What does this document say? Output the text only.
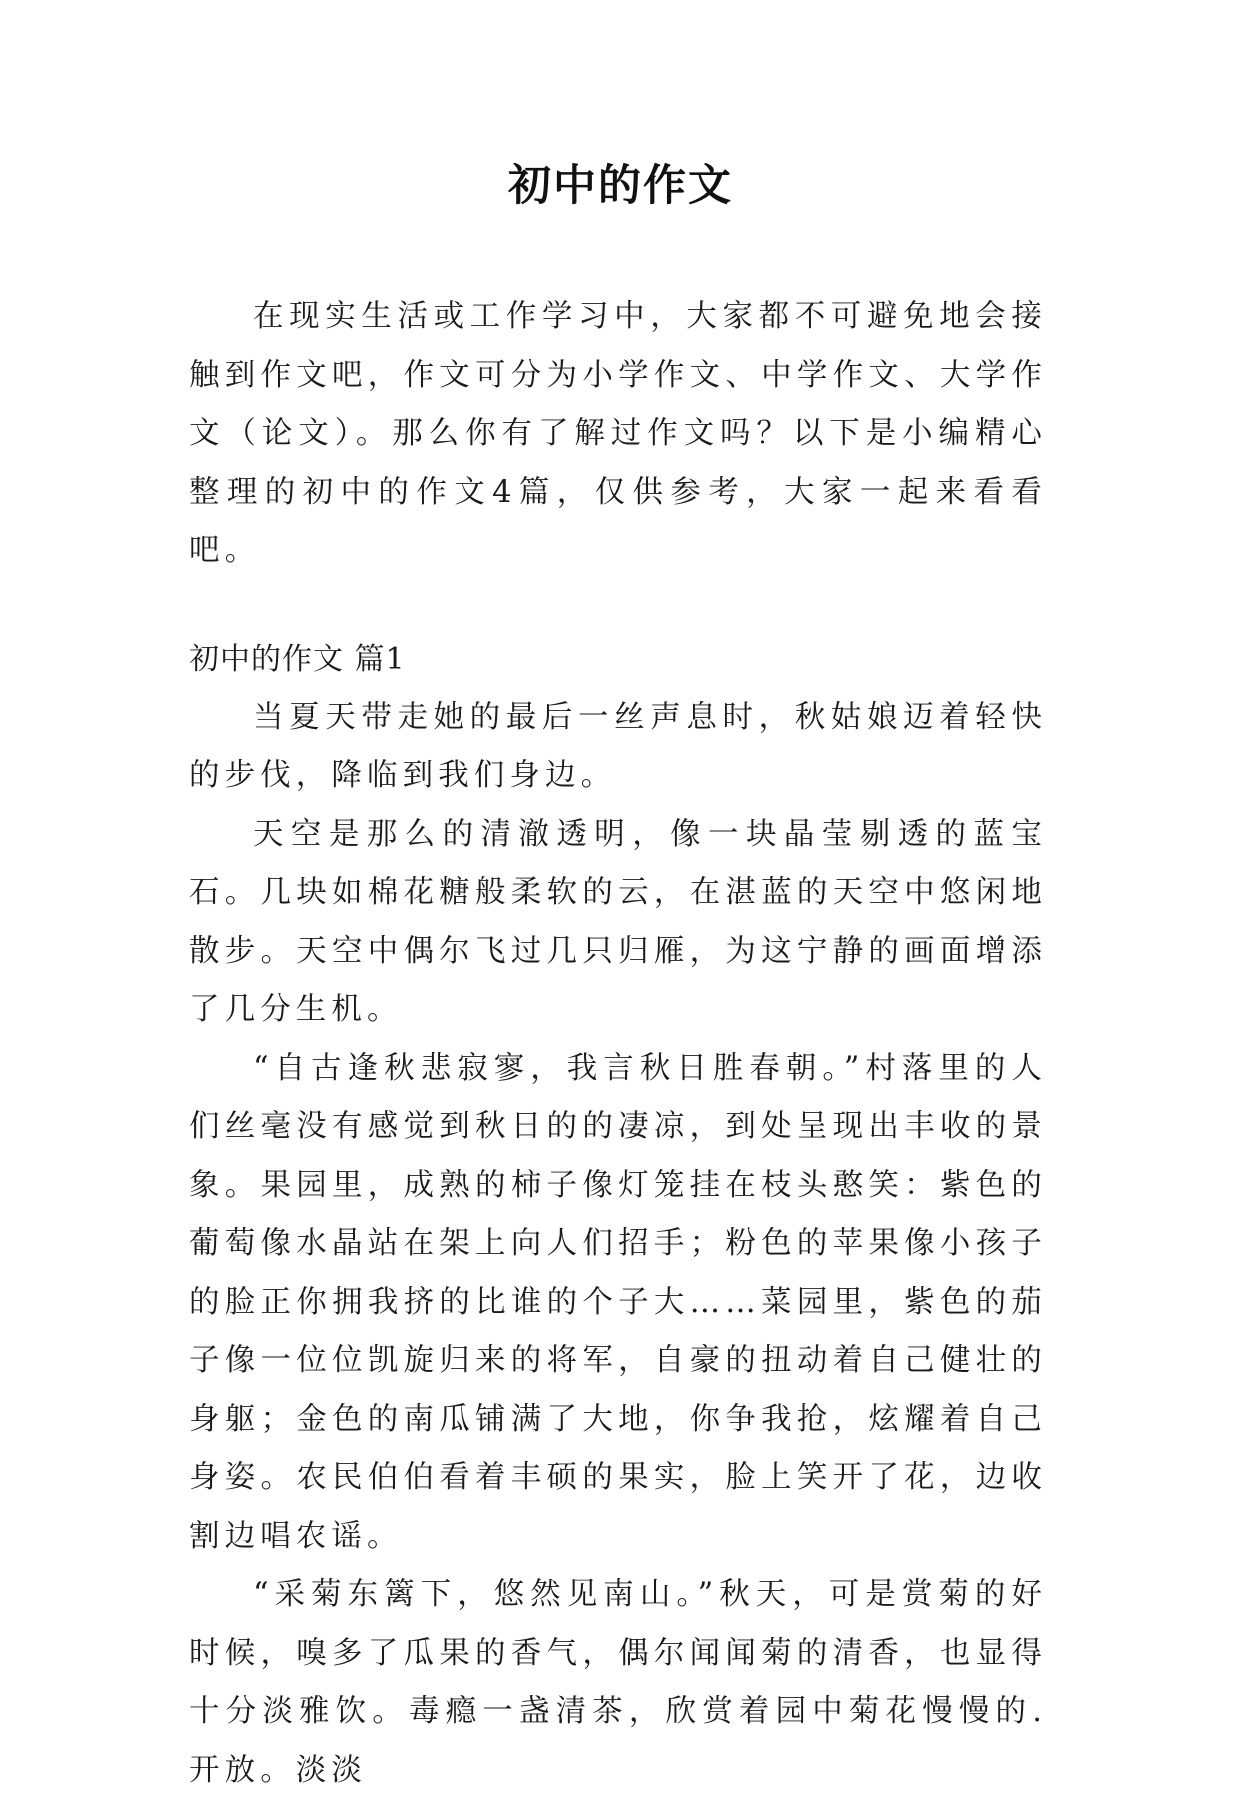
初中的作文

在现实生活或工作学习中，大家都不可避免地会接触到作文吧，作文可分为小学作文、中学作文、大学作文（论文）。那么你有了解过作文吗？以下是小编精心整理的初中的作文4篇，仅供参考，大家一起来看看吧。

初中的作文 篇1

当夏天带走她的最后一丝声息时，秋姑娘迈着轻快的步伐，降临到我们身边。

天空是那么的清澈透明，像一块晶莹剔透的蓝宝石。几块如棉花糖般柔软的云，在湛蓝的天空中悠闲地散步。天空中偶尔飞过几只归雁，为这宁静的画面增添了几分生机。

“自古逢秋悲寂寥，我言秋日胜春朝。”村落里的人们丝毫没有感觉到秋日的的凄凉，到处呈现出丰收的景象。果园里，成熟的柿子像灯笼挂在枝头憨笑：紫色的葡萄像水晶站在架上向人们招手；粉色的苹果像小孩子的脸正你拥我挤的比谁的个子大……菜园里，紫色的茄子像一位位凯旋归来的将军，自豪的扭动着自己健壮的身躯；金色的南瓜铺满了大地，你争我抢，炫耀着自己身姿。农民伯伯看着丰硕的果实，脸上笑开了花，边收割边唱农谣。

“采菊东篱下，悠然见南山。”秋天，可是赏菊的好时候，嗅多了瓜果的香气，偶尔闻闻菊的清香，也显得十分淡雅饮。毒瘾一盏清茶，欣赏着园中菊花慢慢的.开放。淡淡
